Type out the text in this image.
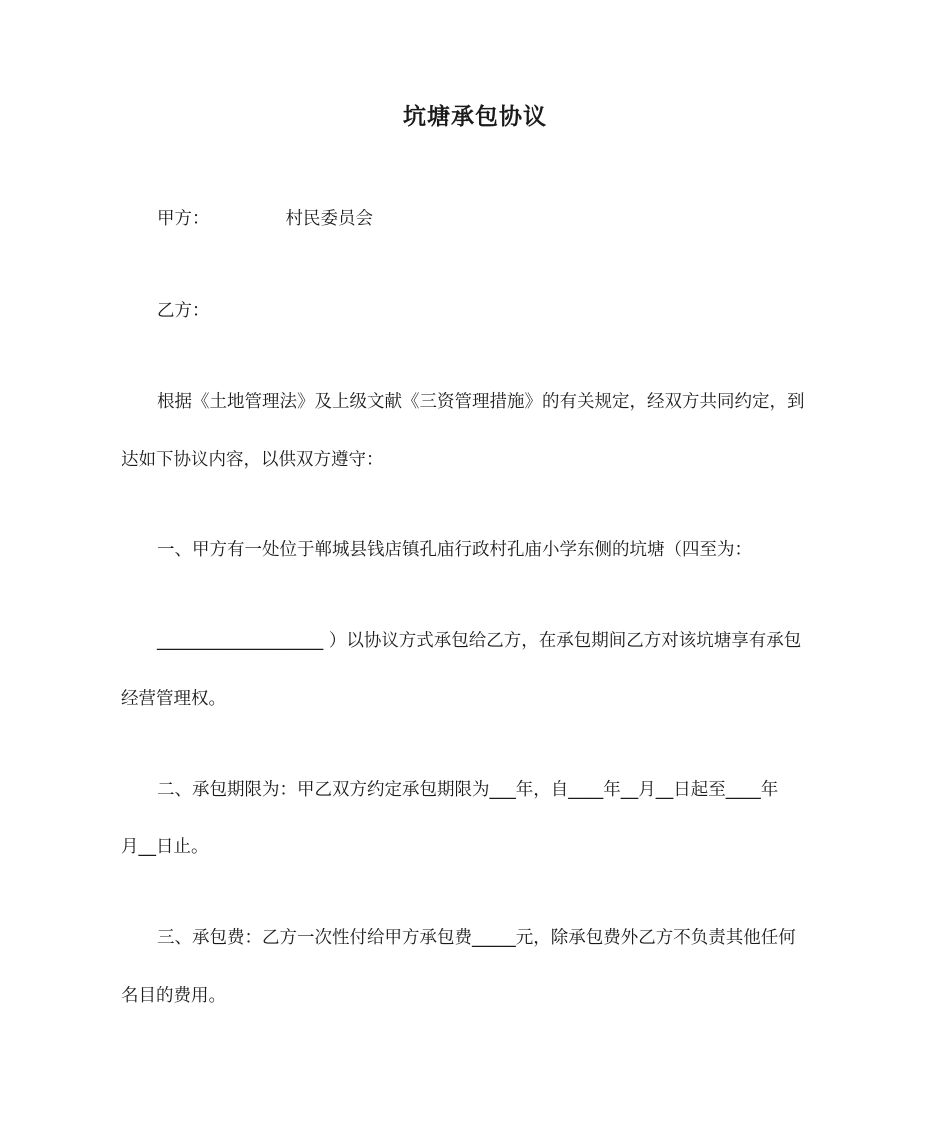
坑塘承包协议
甲方：	村民委员会
乙方：
根据《土地管理法》及上级文献《三资管理措施》的有关规定，经双方共同约定，到
达如下协议内容，以供双方遵守：
一、甲方有一处位于郸城县钱店镇孔庙行政村孔庙小学东侧的坑塘（四至为：
___________________ ）以协议方式承包给乙方，在承包期间乙方对该坑塘享有承包
经营管理权。
二、承包期限为：甲乙双方约定承包期限为___年，自____年__月__日起至____年
月__日止。
三、承包费：乙方一次性付给甲方承包费_____元，除承包费外乙方不负责其他任何
名目的费用。
